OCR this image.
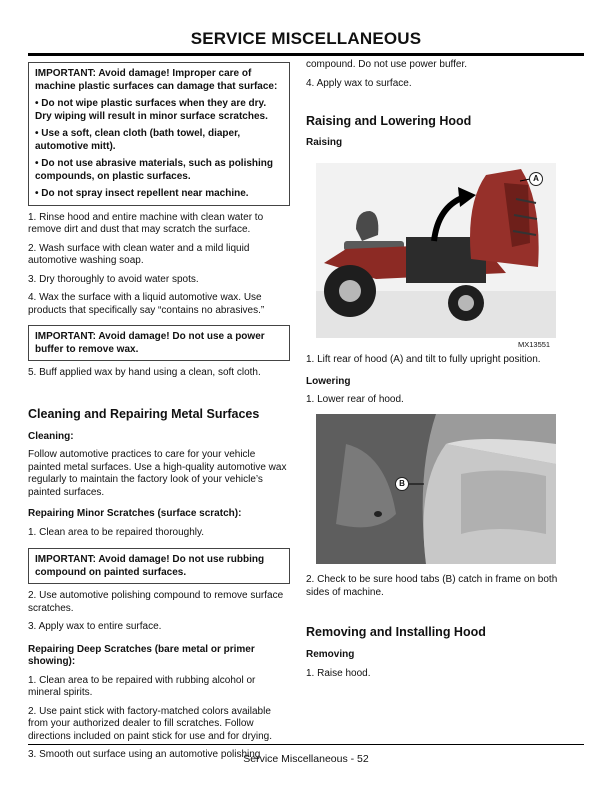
SERVICE MISCELLANEOUS

IMPORTANT: Avoid damage! Improper care of machine plastic surfaces can damage that surface:

• Do not wipe plastic surfaces when they are dry. Dry wiping will result in minor surface scratches.

• Use a soft, clean cloth (bath towel, diaper, automotive mitt).

• Do not use abrasive materials, such as polishing compounds, on plastic surfaces.

• Do not spray insect repellent near machine.

1. Rinse hood and entire machine with clean water to remove dirt and dust that may scratch the surface.

2. Wash surface with clean water and a mild liquid automotive washing soap.

3. Dry thoroughly to avoid water spots.

4. Wax the surface with a liquid automotive wax. Use products that specifically say “contains no abrasives.”

IMPORTANT: Avoid damage! Do not use a power buffer to remove wax.

5. Buff applied wax by hand using a clean, soft cloth.

Cleaning and Repairing Metal Surfaces
Cleaning:

Follow automotive practices to care for your vehicle painted metal surfaces. Use a high-quality automotive wax regularly to maintain the factory look of your vehicle’s painted surfaces.

Repairing Minor Scratches (surface scratch):

1. Clean area to be repaired thoroughly.

IMPORTANT: Avoid damage! Do not use rubbing compound on painted surfaces.

2. Use automotive polishing compound to remove surface scratches.

3. Apply wax to entire surface.

Repairing Deep Scratches (bare metal or primer showing):

1. Clean area to be repaired with rubbing alcohol or mineral spirits.

2. Use paint stick with factory-matched colors available from your authorized dealer to fill scratches. Follow directions included on paint stick for use and for drying.

3. Smooth out surface using an automotive polishing

compound. Do not use power buffer.

4. Apply wax to surface.

Raising and Lowering Hood
Raising
A
MX13551

1. Lift rear of hood (A) and tilt to fully upright position.

Lowering

1. Lower rear of hood.

B

2. Check to be sure hood tabs (B) catch in frame on both sides of machine.

Removing and Installing Hood
Removing

1. Raise hood.

Service Miscellaneous - 52
